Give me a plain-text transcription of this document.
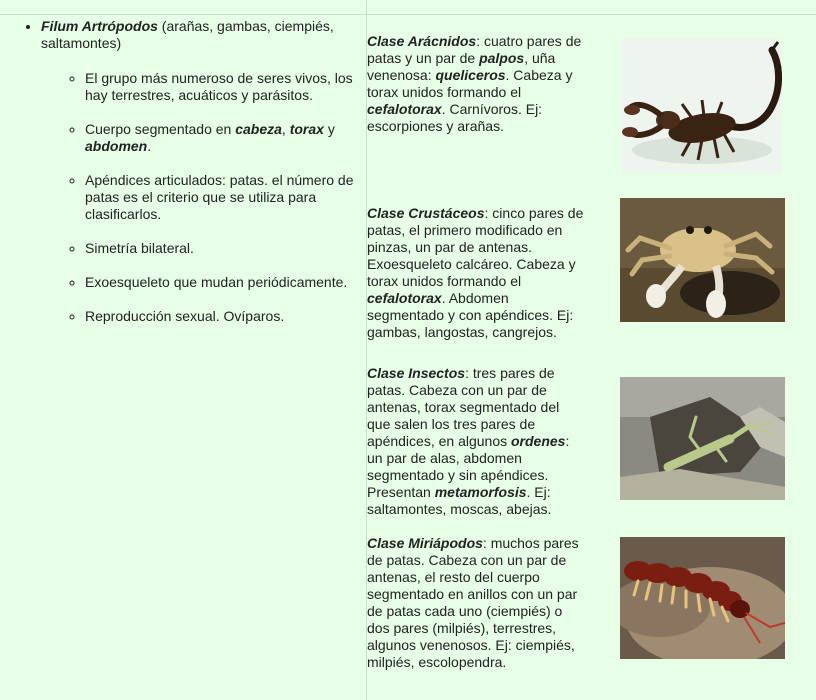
• Filum Artrópodos (arañas, gambas, ciempiés, saltamontes)
◦ El grupo más numeroso de seres vivos, los hay terrestres, acuáticos y parásitos.
◦ Cuerpo segmentado en cabeza, torax y abdomen.
◦ Apéndices articulados: patas. el número de patas es el criterio que se utiliza para clasificarlos.
◦ Simetría bilateral.
◦ Exoesqueleto que mudan periódicamente.
◦ Reproducción sexual. Ovíparos.
Clase Arácnidos: cuatro pares de patas y un par de palpos, uña venenosa: queliceros. Cabeza y torax unidos formando el cefalotorax. Carnívoros. Ej: escorpiones y arañas.
Clase Crustáceos: cinco pares de patas, el primero modificado en pinzas, un par de antenas. Exoesqueleto calcáreo. Cabeza y torax unidos formando el cefalotorax. Abdomen segmentado y con apéndices. Ej: gambas, langostas, cangrejos.
Clase Insectos: tres pares de patas. Cabeza con un par de antenas, torax segmentado del que salen los tres pares de apéndices, en algunos ordenes: un par de alas, abdomen segmentado y sin apéndices. Presentan metamorfosis. Ej: saltamontes, moscas, abejas.
Clase Miriápodos: muchos pares de patas. Cabeza con un par de antenas, el resto del cuerpo segmentado en anillos con un par de patas cada uno (ciempiés) o dos pares (milpiés), terrestres, algunos venenosos. Ej: ciempiés, milpiés, escolopendra.
